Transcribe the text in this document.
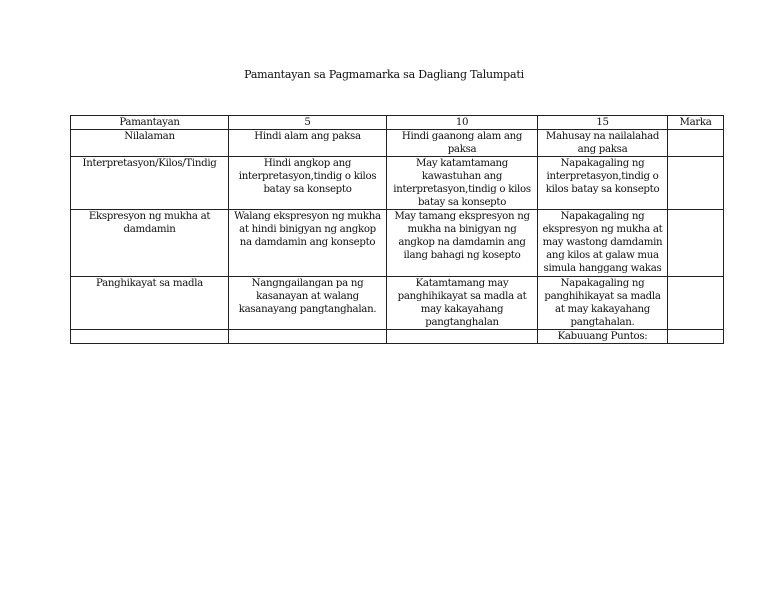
Pamantayan sa Pagmamarka sa Dagliang Talumpati
Pamantayan	5	10	15	Marka
Nilalaman	Hindi alam ang paksa	Hindi gaanong alam ang paksa	Mahusay na nailalahad ang paksa	
Interpretasyon/Kilos/Tindig	Hindi angkop ang interpretasyon,tindig o kilos batay sa konsepto	May katamtamang kawastuhan ang interpretasyon,tindig o kilos batay sa konsepto	Napakagaling ng interpretasyon,tindig o kilos batay sa konsepto	
Ekspresyon ng mukha at damdamin	Walang ekspresyon ng mukha at hindi binigyan ng angkop na damdamin ang konsepto	May tamang ekspresyon ng mukha na binigyan ng angkop na damdamin ang ilang bahagi ng kosepto	Napakagaling ng ekspresyon ng mukha at may wastong damdamin ang kilos at galaw mua simula hanggang wakas	
Panghikayat sa madla	Nangngailangan pa ng kasanayan at walang kasanayang pangtanghalan.	Katamtamang may panghihikayat sa madla at may kakayahang pangtanghalan	Napakagaling ng panghihikayat sa madla at may kakayahang pangtahalan.	
			Kabuuang Puntos:	
